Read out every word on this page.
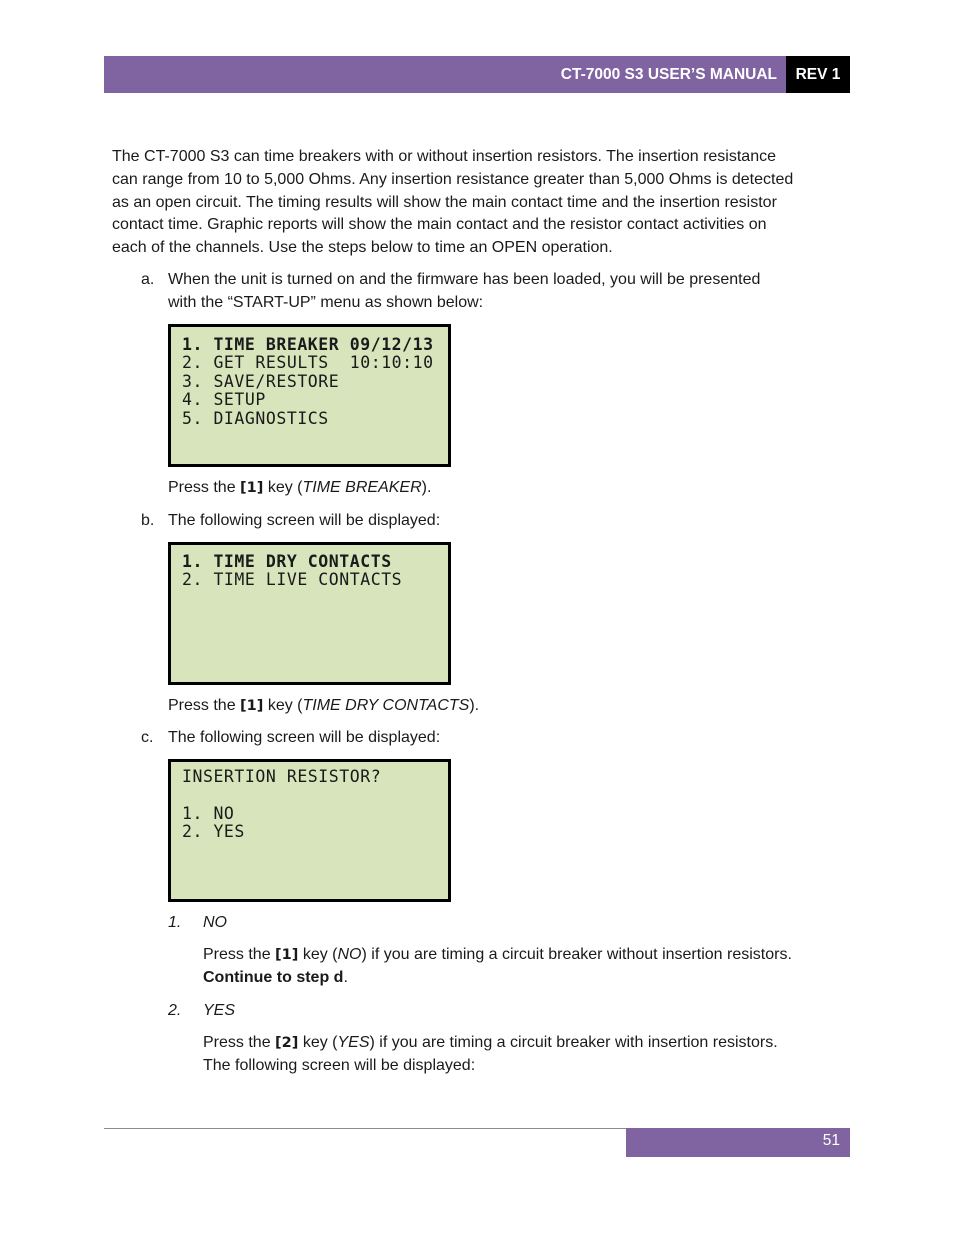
CT-7000 S3 USER’S MANUAL	REV 1
The CT-7000 S3 can time breakers with or without insertion resistors. The insertion resistance
can range from 10 to 5,000 Ohms. Any insertion resistance greater than 5,000 Ohms is detected
as an open circuit. The timing results will show the main contact time and the insertion resistor
contact time. Graphic reports will show the main contact and the resistor contact activities on
each of the channels. Use the steps below to time an OPEN operation.
a. When the unit is turned on and the firmware has been loaded, you will be presented
with the “START-UP” menu as shown below:
1. TIME BREAKER 09/12/13
2. GET RESULTS  10:10:10
3. SAVE/RESTORE
4. SETUP
5. DIAGNOSTICS
Press the [1] key (TIME BREAKER).
b. The following screen will be displayed:
1. TIME DRY CONTACTS
2. TIME LIVE CONTACTS
Press the [1] key (TIME DRY CONTACTS).
c. The following screen will be displayed:
INSERTION RESISTOR?
1. NO
2. YES
1. NO
Press the [1] key (NO) if you are timing a circuit breaker without insertion resistors.
Continue to step d.
2. YES
Press the [2] key (YES) if you are timing a circuit breaker with insertion resistors.
The following screen will be displayed:
51
